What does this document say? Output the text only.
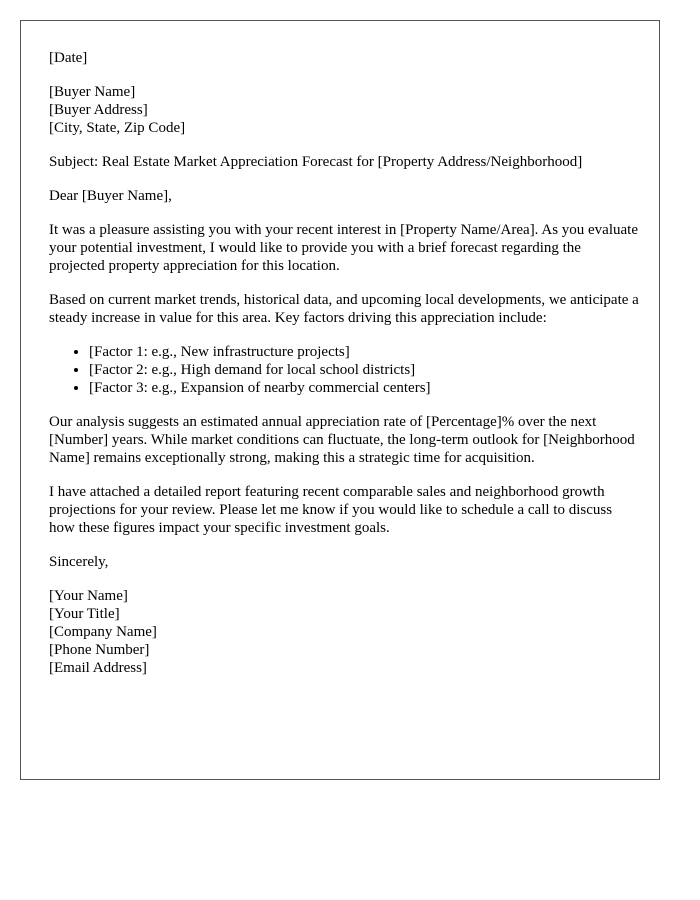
[Date]
[Buyer Name]
[Buyer Address]
[City, State, Zip Code]
Subject: Real Estate Market Appreciation Forecast for [Property Address/Neighborhood]
Dear [Buyer Name],

It was a pleasure assisting you with your recent interest in [Property Name/Area]. As you evaluate your potential investment, I would like to provide you with a brief forecast regarding the projected property appreciation for this location.

Based on current market trends, historical data, and upcoming local developments, we anticipate a steady increase in value for this area. Key factors driving this appreciation include:

• [Factor 1: e.g., New infrastructure projects]
• [Factor 2: e.g., High demand for local school districts]
• [Factor 3: e.g., Expansion of nearby commercial centers]

Our analysis suggests an estimated annual appreciation rate of [Percentage]% over the next [Number] years. While market conditions can fluctuate, the long-term outlook for [Neighborhood Name] remains exceptionally strong, making this a strategic time for acquisition.

I have attached a detailed report featuring recent comparable sales and neighborhood growth projections for your review. Please let me know if you would like to schedule a call to discuss how these figures impact your specific investment goals.

Sincerely,
[Your Name]
[Your Title]
[Company Name]
[Phone Number]
[Email Address]
